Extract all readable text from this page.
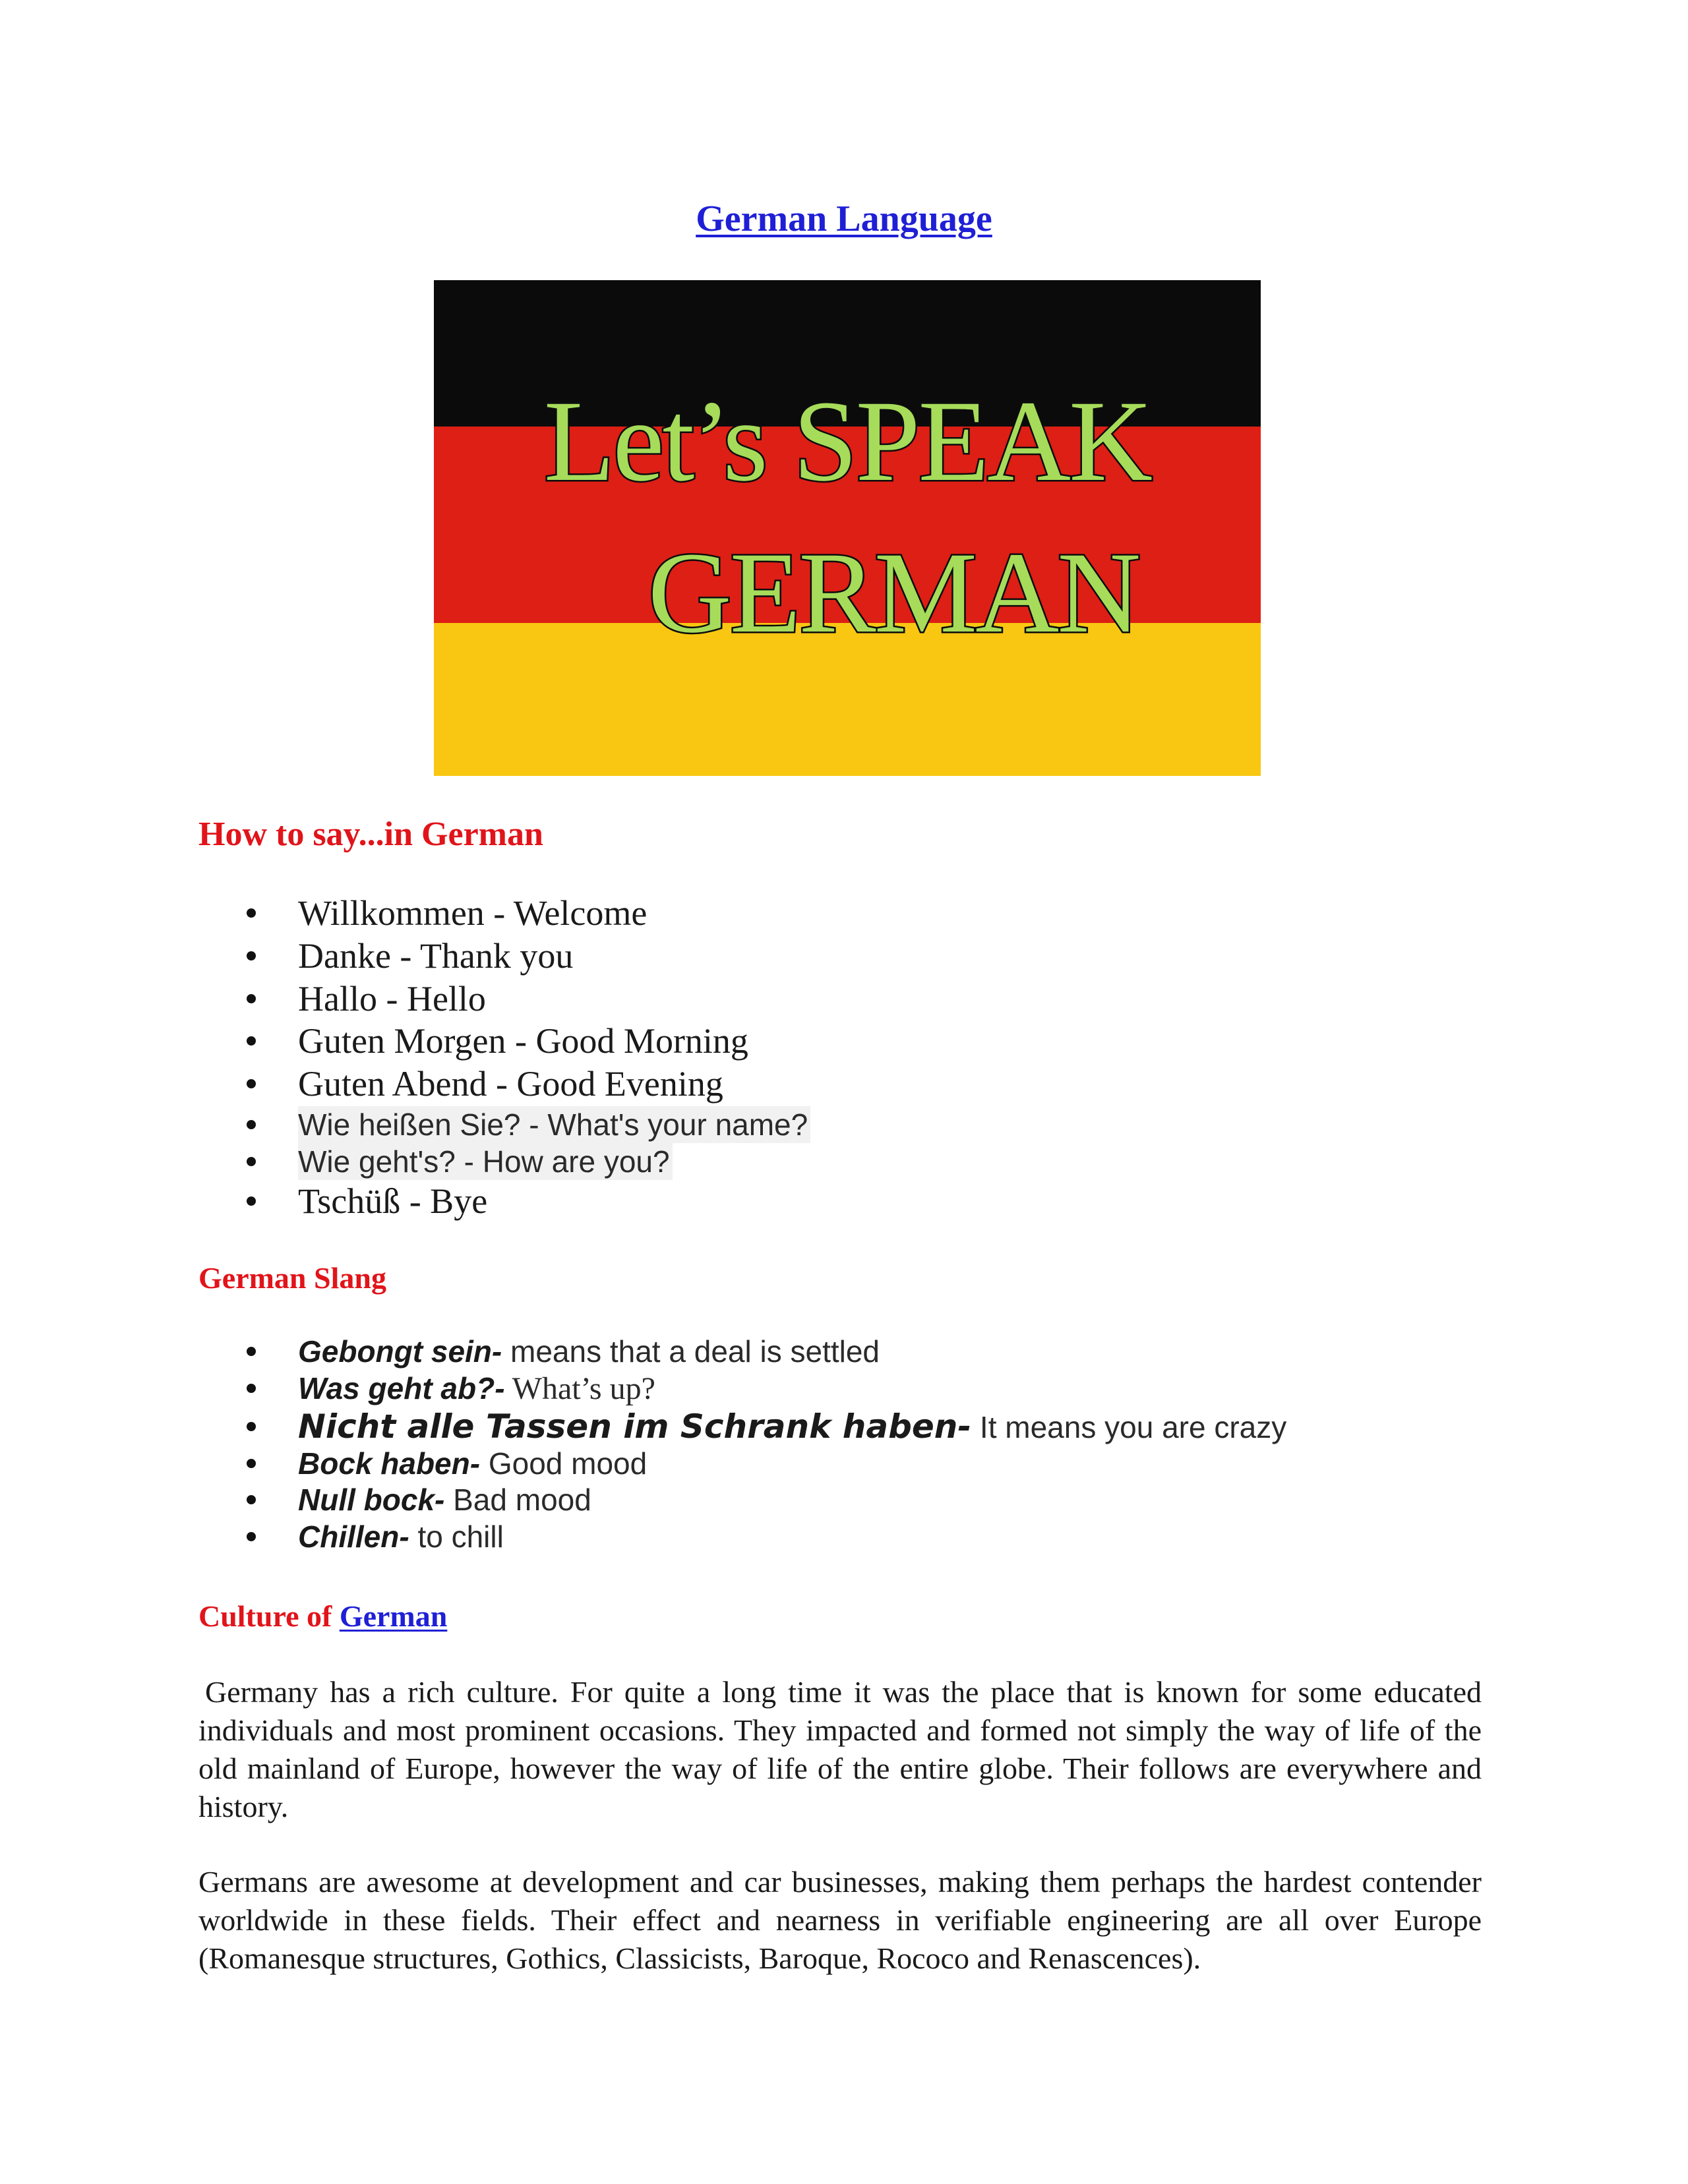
German Language
Let’s SPEAK
GERMAN
How to say...in German
Willkommen - Welcome
Danke - Thank you
Hallo - Hello
Guten Morgen - Good Morning
Guten Abend - Good Evening
Wie heißen Sie? - What's your name?
Wie geht's? - How are you?
Tschüß - Bye
German Slang
Gebongt sein- means that a deal is settled
Was geht ab?- What’s up?
Nicht alle Tassen im Schrank haben- It means you are crazy
Bock haben- Good mood
Null bock- Bad mood
Chillen- to chill
Culture of German

Germany has a rich culture. For quite a long time it was the place that is known for some educated individuals and most prominent occasions. They impacted and formed not simply the way of life of the old mainland of Europe, however the way of life of the entire globe. Their follows are everywhere and history.

Germans are awesome at development and car businesses, making them perhaps the hardest contender worldwide in these fields. Their effect and nearness in verifiable engineering are all over Europe (Romanesque structures, Gothics, Classicists, Baroque, Rococo and Renascences).
